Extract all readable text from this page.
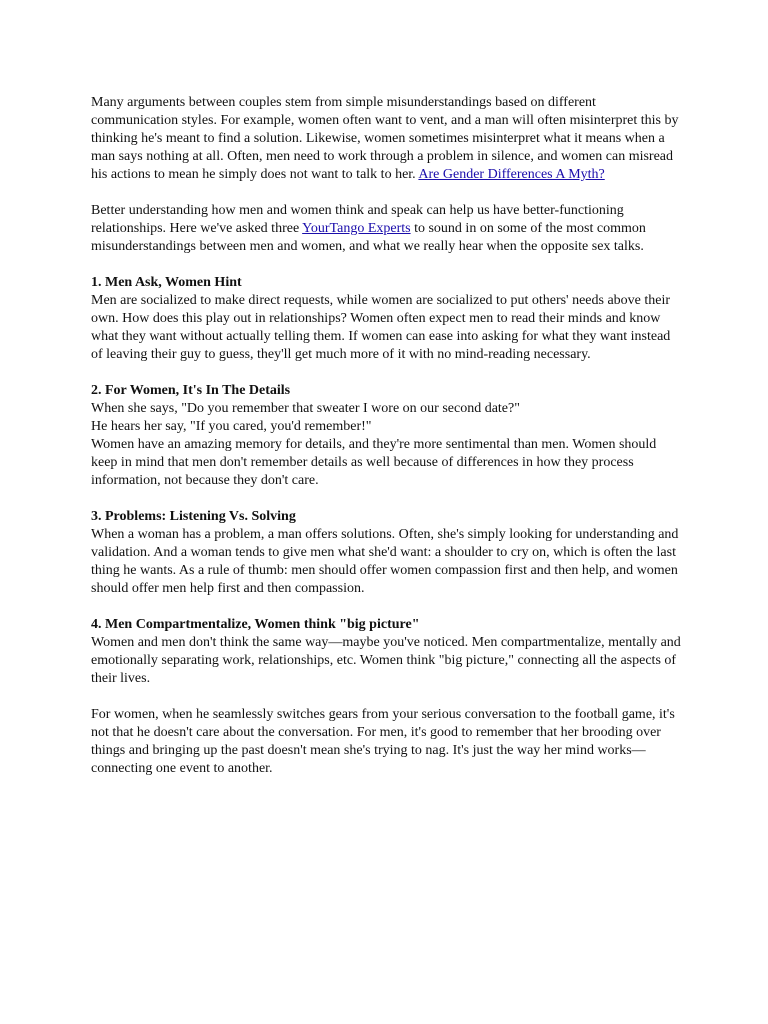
Many arguments between couples stem from simple misunderstandings based on different communication styles. For example, women often want to vent, and a man will often misinterpret this by thinking he's meant to find a solution. Likewise, women sometimes misinterpret what it means when a man says nothing at all. Often, men need to work through a problem in silence, and women can misread his actions to mean he simply does not want to talk to her. Are Gender Differences A Myth?

Better understanding how men and women think and speak can help us have better-functioning relationships. Here we've asked three YourTango Experts to sound in on some of the most common misunderstandings between men and women, and what we really hear when the opposite sex talks.

1. Men Ask, Women Hint
Men are socialized to make direct requests, while women are socialized to put others' needs above their own. How does this play out in relationships? Women often expect men to read their minds and know what they want without actually telling them. If women can ease into asking for what they want instead of leaving their guy to guess, they'll get much more of it with no mind-reading necessary.

2. For Women, It's In The Details
When she says, "Do you remember that sweater I wore on our second date?"
He hears her say, "If you cared, you'd remember!"
Women have an amazing memory for details, and they're more sentimental than men. Women should keep in mind that men don't remember details as well because of differences in how they process information, not because they don't care.

3. Problems: Listening Vs. Solving
When a woman has a problem, a man offers solutions. Often, she's simply looking for understanding and validation. And a woman tends to give men what she'd want: a shoulder to cry on, which is often the last thing he wants. As a rule of thumb: men should offer women compassion first and then help, and women should offer men help first and then compassion.

4. Men Compartmentalize, Women think "big picture"
Women and men don't think the same way—maybe you've noticed. Men compartmentalize, mentally and emotionally separating work, relationships, etc. Women think "big picture," connecting all the aspects of their lives.

For women, when he seamlessly switches gears from your serious conversation to the football game, it's not that he doesn't care about the conversation. For men, it's good to remember that her brooding over things and bringing up the past doesn't mean she's trying to nag. It's just the way her mind works—connecting one event to another.
